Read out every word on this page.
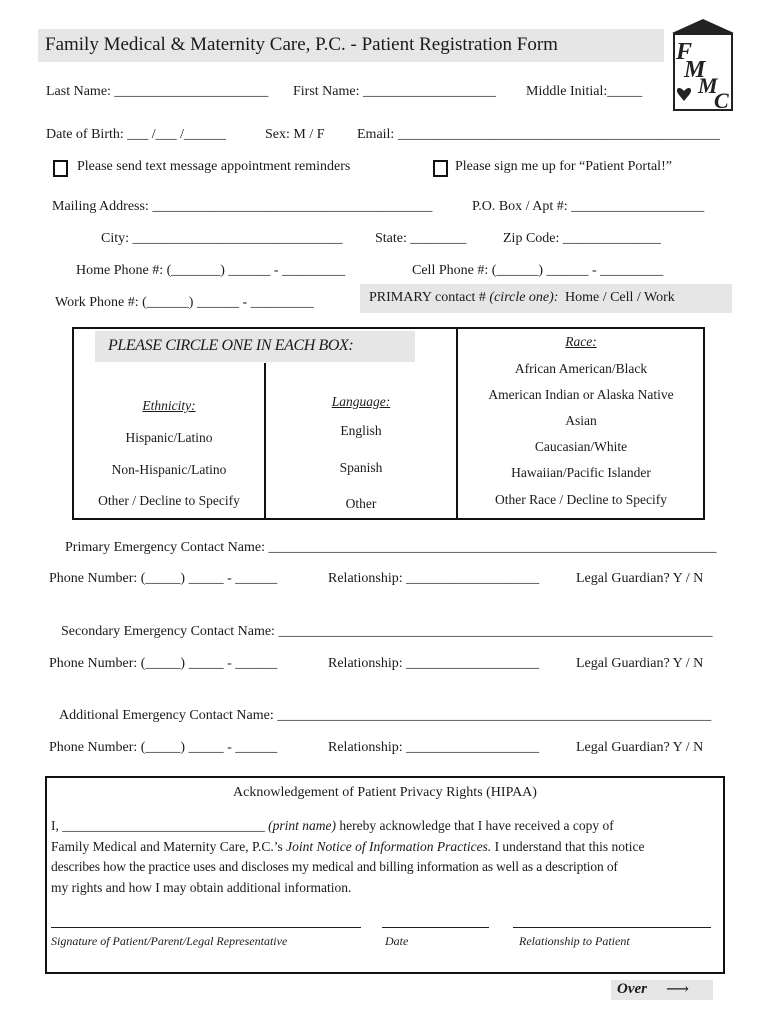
Family Medical & Maternity Care, P.C. - Patient Registration Form	F
M
M
C
Last Name: ______________________ First Name: ___________________ Middle Initial:_____
Date of Birth: ___ /___ /______	Sex: M / F Email: ______________________________________________
Please send text message appointment reminders	Please sign me up for “Patient Portal!”
Mailing Address: ________________________________________	P.O. Box / Apt #: ___________________
City: ______________________________ State: ________	Zip Code: ______________
Home Phone #: (_______) ______ - _________	Cell Phone #: (______) ______ - _________
Work Phone #: (______) ______ - _________	PRIMARY contact # (circle one): Home / Cell / Work
PLEASE CIRCLE ONE IN EACH BOX:
Ethnicity:
Hispanic/Latino
Non-Hispanic/Latino
Other / Decline to Specify
Language:
English
Spanish
Other
Race:
African American/Black
American Indian or Alaska Native
Asian
Caucasian/White
Hawaiian/Pacific Islander
Other Race / Decline to Specify
Primary Emergency Contact Name: ________________________________________________________________
Phone Number: (_____) _____ - ______	Relationship: ___________________	Legal Guardian? Y / N
Secondary Emergency Contact Name: ______________________________________________________________
Phone Number: (_____) _____ - ______	Relationship: ___________________	Legal Guardian? Y / N
Additional Emergency Contact Name: ______________________________________________________________
Phone Number: (_____) _____ - ______	Relationship: ___________________	Legal Guardian? Y / N
Acknowledgement of Patient Privacy Rights (HIPAA)
I, ______________________________ (print name) hereby acknowledge that I have received a copy of
Family Medical and Maternity Care, P.C.’s Joint Notice of Information Practices. I understand that this notice
describes how the practice uses and discloses my medical and billing information as well as a description of
my rights and how I may obtain additional information.
Signature of Patient/Parent/Legal Representative	Date	Relationship to Patient
Over ⟶
